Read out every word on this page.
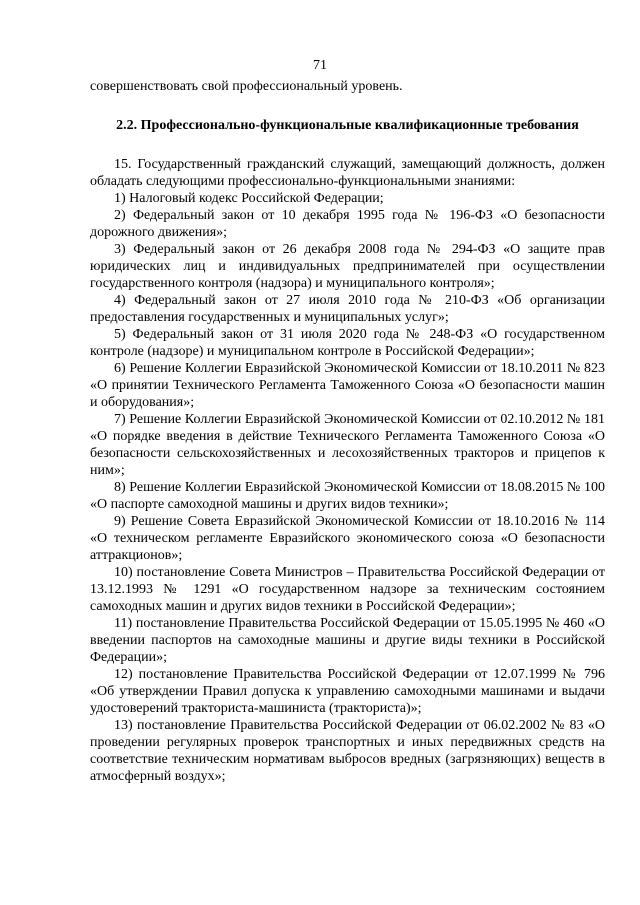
71

совершенствовать свой профессиональный уровень.

2.2. Профессионально-функциональные квалификационные требования

15. Государственный гражданский служащий, замещающий должность, должен обладать следующими профессионально-функциональными знаниями:

1) Налоговый кодекс Российской Федерации;

2) Федеральный закон от 10 декабря 1995 года № 196-ФЗ «О безопасности дорожного движения»;

3) Федеральный закон от 26 декабря 2008 года № 294-ФЗ «О защите прав юридических лиц и индивидуальных предпринимателей при осуществлении государственного контроля (надзора) и муниципального контроля»;

4) Федеральный закон от 27 июля 2010 года № 210-ФЗ «Об организации предоставления государственных и муниципальных услуг»;

5) Федеральный закон от 31 июля 2020 года № 248-ФЗ «О государственном контроле (надзоре) и муниципальном контроле в Российской Федерации»;

6) Решение Коллегии Евразийской Экономической Комиссии от 18.10.2011 № 823 «О принятии Технического Регламента Таможенного Союза «О безопасности машин и оборудования»;

7) Решение Коллегии Евразийской Экономической Комиссии от 02.10.2012 № 181 «О порядке введения в действие Технического Регламента Таможенного Союза «О безопасности сельскохозяйственных и лесохозяйственных тракторов и прицепов к ним»;

8) Решение Коллегии Евразийской Экономической Комиссии от 18.08.2015 № 100 «О паспорте самоходной машины и других видов техники»;

9) Решение Совета Евразийской Экономической Комиссии от 18.10.2016 № 114 «О техническом регламенте Евразийского экономического союза «О безопасности аттракционов»;

10) постановление Совета Министров – Правительства Российской Федерации от 13.12.1993 № 1291 «О государственном надзоре за техническим состоянием самоходных машин и других видов техники в Российской Федерации»;

11) постановление Правительства Российской Федерации от 15.05.1995 № 460 «О введении паспортов на самоходные машины и другие виды техники в Российской Федерации»;

12) постановление Правительства Российской Федерации от 12.07.1999 № 796 «Об утверждении Правил допуска к управлению самоходными машинами и выдачи удостоверений тракториста-машиниста (тракториста)»;

13) постановление Правительства Российской Федерации от 06.02.2002 № 83 «О проведении регулярных проверок транспортных и иных передвижных средств на соответствие техническим нормативам выбросов вредных (загрязняющих) веществ в атмосферный воздух»;
